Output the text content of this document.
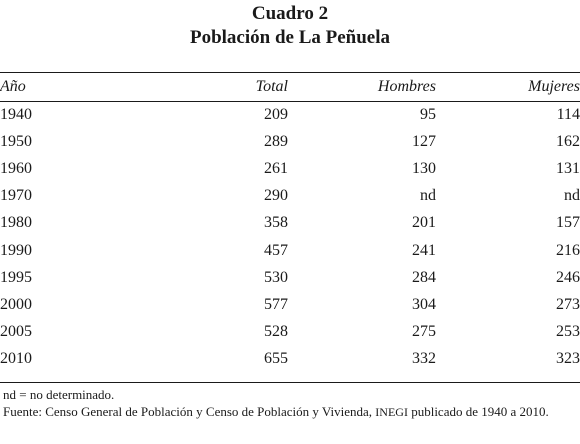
Cuadro 2
Población de La Peñuela
Año	Total	Hombres	Mujeres
1940	209	95	114
1950	289	127	162
1960	261	130	131
1970	290	nd	nd
1980	358	201	157
1990	457	241	216
1995	530	284	246
2000	577	304	273
2005	528	275	253
2010	655	332	323
nd = no determinado.
Fuente: Censo General de Población y Censo de Población y Vivienda, INEGI publicado de 1940 a 2010.
